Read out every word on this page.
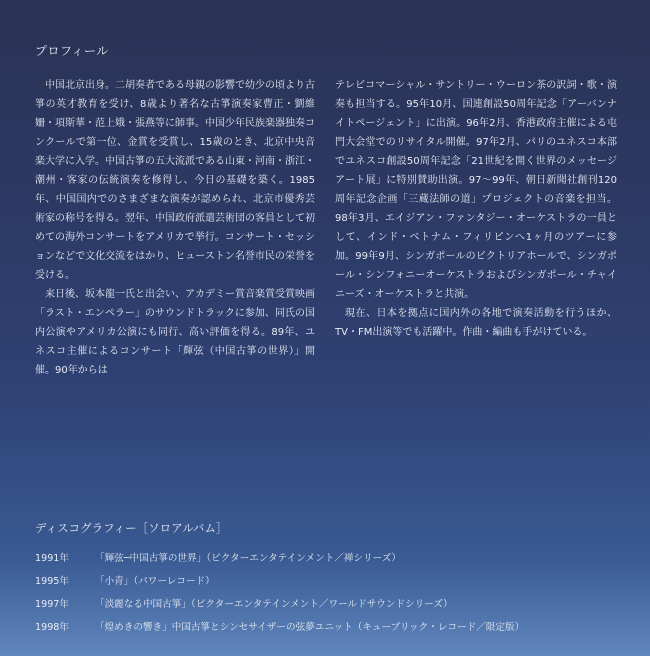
プロフィール

中国北京出身。二胡奏者である母親の影響で幼少の頃より古箏の英才教育を受け、8歳より著名な古箏演奏家曹正・劉維姍・項斯華・范上娥・張燕等に師事。中国少年民族楽器独奏コンクールで第一位、金賞を受賞し、15歳のとき、北京中央音楽大学に入学。中国古箏の五大流派である山東・河南・浙江・潮州・客家の伝統演奏を修得し、今日の基礎を築く。1985年、中国国内でのさまざまな演奏が認められ、北京市優秀芸術家の称号を得る。翌年、中国政府派遣芸術団の客員として初めての海外コンサートをアメリカで挙行。コンサート・セッションなどで文化交流をはかり、ヒューストン名誉市民の栄誉を受ける。

来日後、坂本龍一氏と出会い、アカデミー賞音楽賞受賞映画「ラスト・エンペラー」のサウンドトラックに参加、同氏の国内公演やアメリカ公演にも同行、高い評価を得る。89年、ユネスコ主催によるコンサート「輝弦（中国古箏の世界）」開催。90年からは

テレビコマーシャル・サントリー・ウーロン茶の訳詞・歌・演奏も担当する。95年10月、国連創設50周年記念「アーバンナイトページェント」に出演。96年2月、香港政府主催による屯門大会堂でのリサイタル開催。97年2月、パリのユネスコ本部でユネスコ創設50周年記念「21世紀を開く世界のメッセージアート展」に特別賛助出演。97～99年、朝日新聞社創刊120周年記念企画「三蔵法師の道」プロジェクトの音楽を担当。98年3月、エイジアン・ファンタジー・オーケストラの一員として、インド・ベトナム・フィリピンへ1ヶ月のツアーに参加。99年9月、シンガポールのビクトリアホールで、シンガポール・シンフォニーオーケストラおよびシンガポール・チャイニーズ・オーケストラと共演。

現在、日本を拠点に国内外の各地で演奏活動を行うほか、TV・FM出演等でも活躍中。作曲・編曲も手がけている。

ディスコグラフィー［ソロアルバム］
1991年	「輝弦─中国古箏の世界」（ビクターエンタテインメント／禅シリーズ）
1995年	「小青」（パワーレコード）
1997年	「淡麗なる中国古箏」（ビクターエンタテインメント／ワールドサウンドシリーズ）
1998年	「煌めきの響き」中国古箏とシンセサイザーの弦夢ユニット（キューブリック・レコード／限定版）
